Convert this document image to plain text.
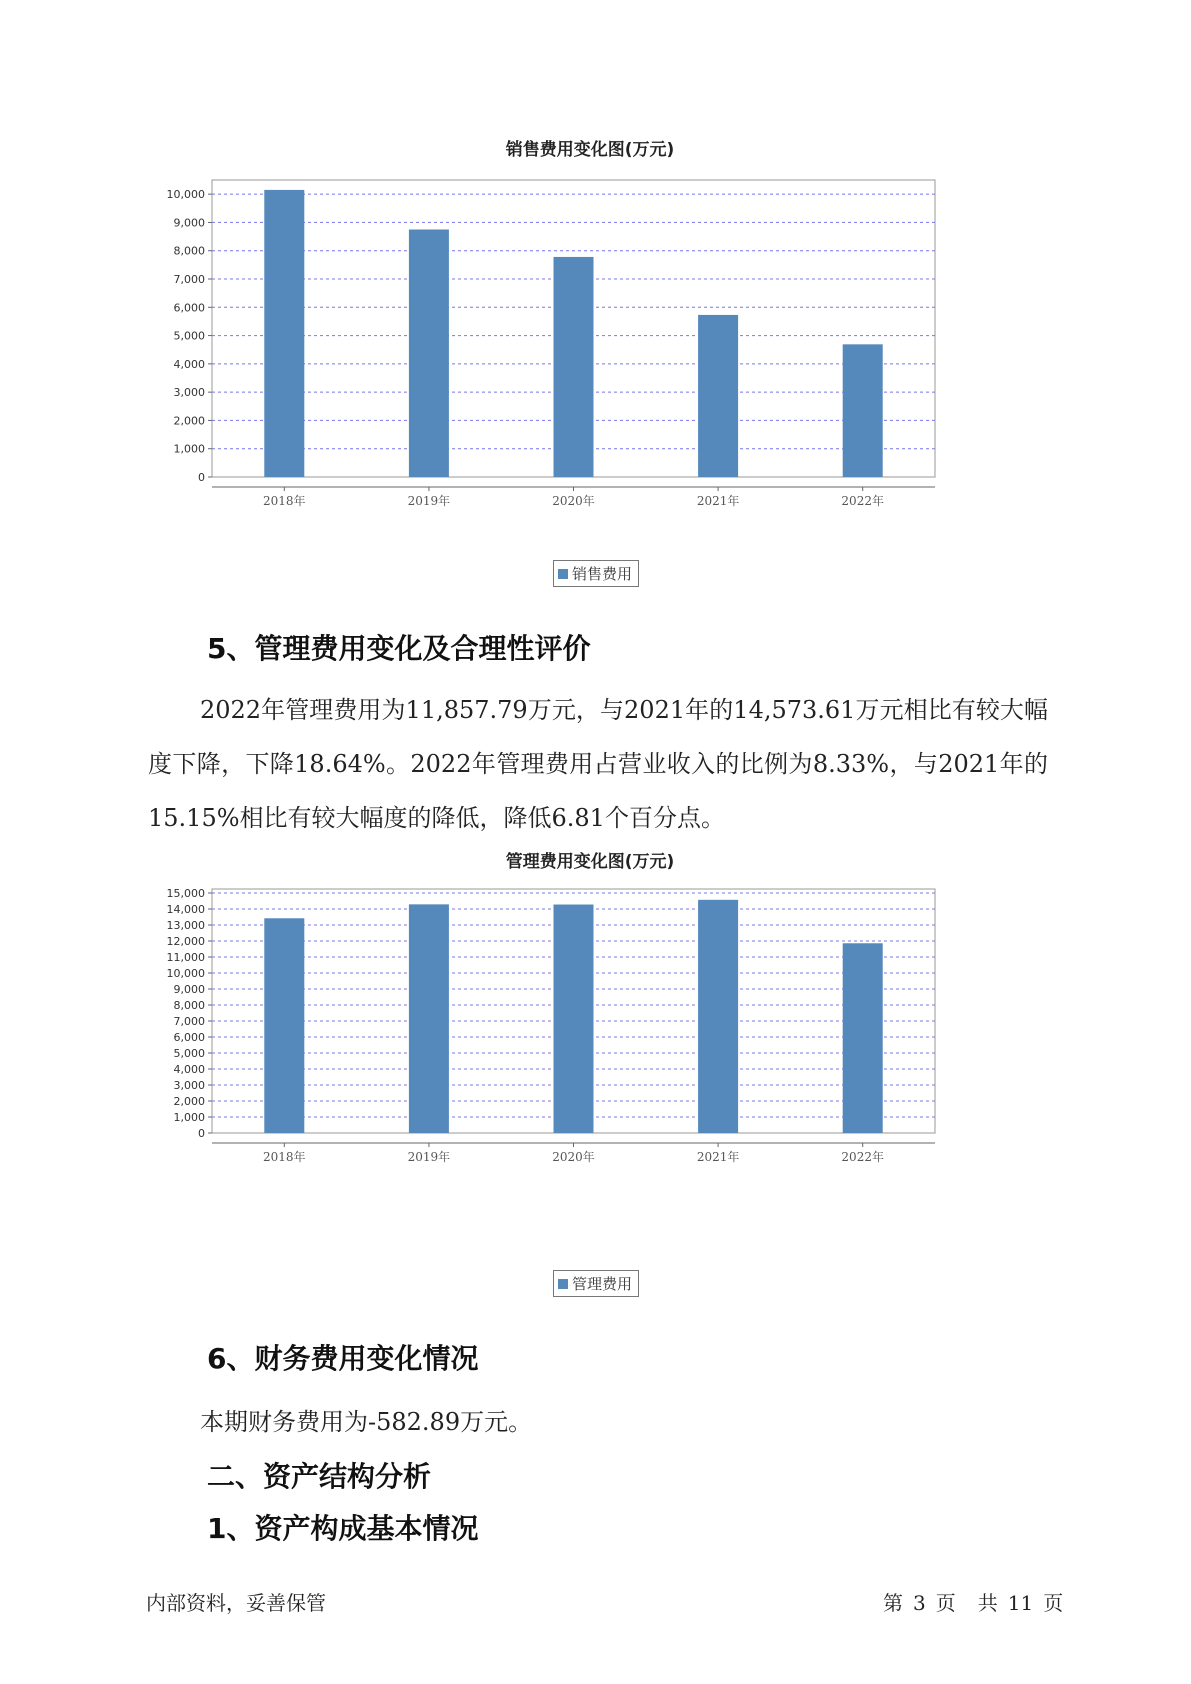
销售费用变化图(万元)
0
1,000
2,000
3,000
4,000
5,000
6,000
7,000
8,000
9,000
10,000
2018年	2019年	2020年	2021年	2022年
销售费用
5、管理费用变化及合理性评价

2022年管理费用为11,857.79万元，与2021年的14,573.61万元相比有较大幅度下降，下降18.64%。2022年管理费用占营业收入的比例为8.33%，与2021年的15.15%相比有较大幅度的降低，降低6.81个百分点。

管理费用变化图(万元)
0
1,000
2,000
3,000
4,000
5,000
6,000
7,000
8,000
9,000
10,000
11,000
12,000
13,000
14,000
15,000
2018年	2019年	2020年	2021年	2022年
管理费用
6、财务费用变化情况
本期财务费用为-582.89万元。
二、资产结构分析
1、资产构成基本情况
内部资料，妥善保管	第 3 页 共 11 页
